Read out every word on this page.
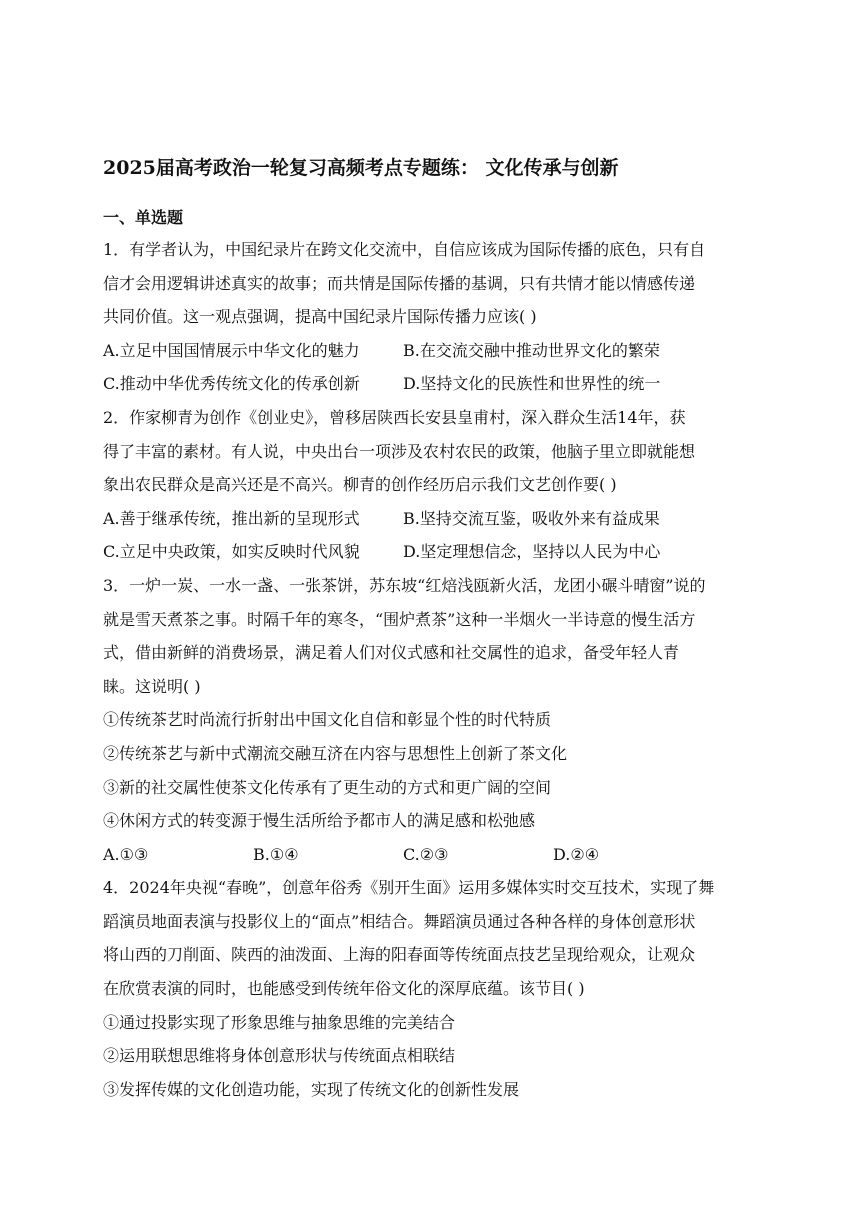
2025届高考政治一轮复习高频考点专题练： 文化传承与创新
一、单选题

1．有学者认为，中国纪录片在跨文化交流中，自信应该成为国际传播的底色，只有自

信才会用逻辑讲述真实的故事；而共情是国际传播的基调，只有共情才能以情感传递

共同价值。这一观点强调，提高中国纪录片国际传播力应该( )

A.立足中国国情展示中华文化的魅力	B.在交流交融中推动世界文化的繁荣
C.推动中华优秀传统文化的传承创新	D.坚持文化的民族性和世界性的统一

2．作家柳青为创作《创业史》，曾移居陕西长安县皇甫村，深入群众生活14年，获

得了丰富的素材。有人说，中央出台一项涉及农村农民的政策，他脑子里立即就能想

象出农民群众是高兴还是不高兴。柳青的创作经历启示我们文艺创作要( )

A.善于继承传统，推出新的呈现形式	B.坚持交流互鉴，吸收外来有益成果
C.立足中央政策，如实反映时代风貌	D.坚定理想信念，坚持以人民为中心

3．一炉一炭、一水一盏、一张茶饼，苏东坡“红焙浅瓯新火活，龙团小碾斗晴窗”说的

就是雪天煮茶之事。时隔千年的寒冬，“围炉煮茶”这种一半烟火一半诗意的慢生活方

式，借由新鲜的消费场景，满足着人们对仪式感和社交属性的追求，备受年轻人青

睐。这说明( )

①传统茶艺时尚流行折射出中国文化自信和彰显个性的时代特质

②传统茶艺与新中式潮流交融互济在内容与思想性上创新了茶文化

③新的社交属性使茶文化传承有了更生动的方式和更广阔的空间

④休闲方式的转变源于慢生活所给予都市人的满足感和松弛感

A.①③	B.①④	C.②③	D.②④

4．2024年央视“春晚”，创意年俗秀《别开生面》运用多媒体实时交互技术，实现了舞

蹈演员地面表演与投影仪上的“面点”相结合。舞蹈演员通过各种各样的身体创意形状

将山西的刀削面、陕西的油泼面、上海的阳春面等传统面点技艺呈现给观众，让观众

在欣赏表演的同时，也能感受到传统年俗文化的深厚底蕴。该节目( )

①通过投影实现了形象思维与抽象思维的完美结合

②运用联想思维将身体创意形状与传统面点相联结

③发挥传媒的文化创造功能，实现了传统文化的创新性发展
